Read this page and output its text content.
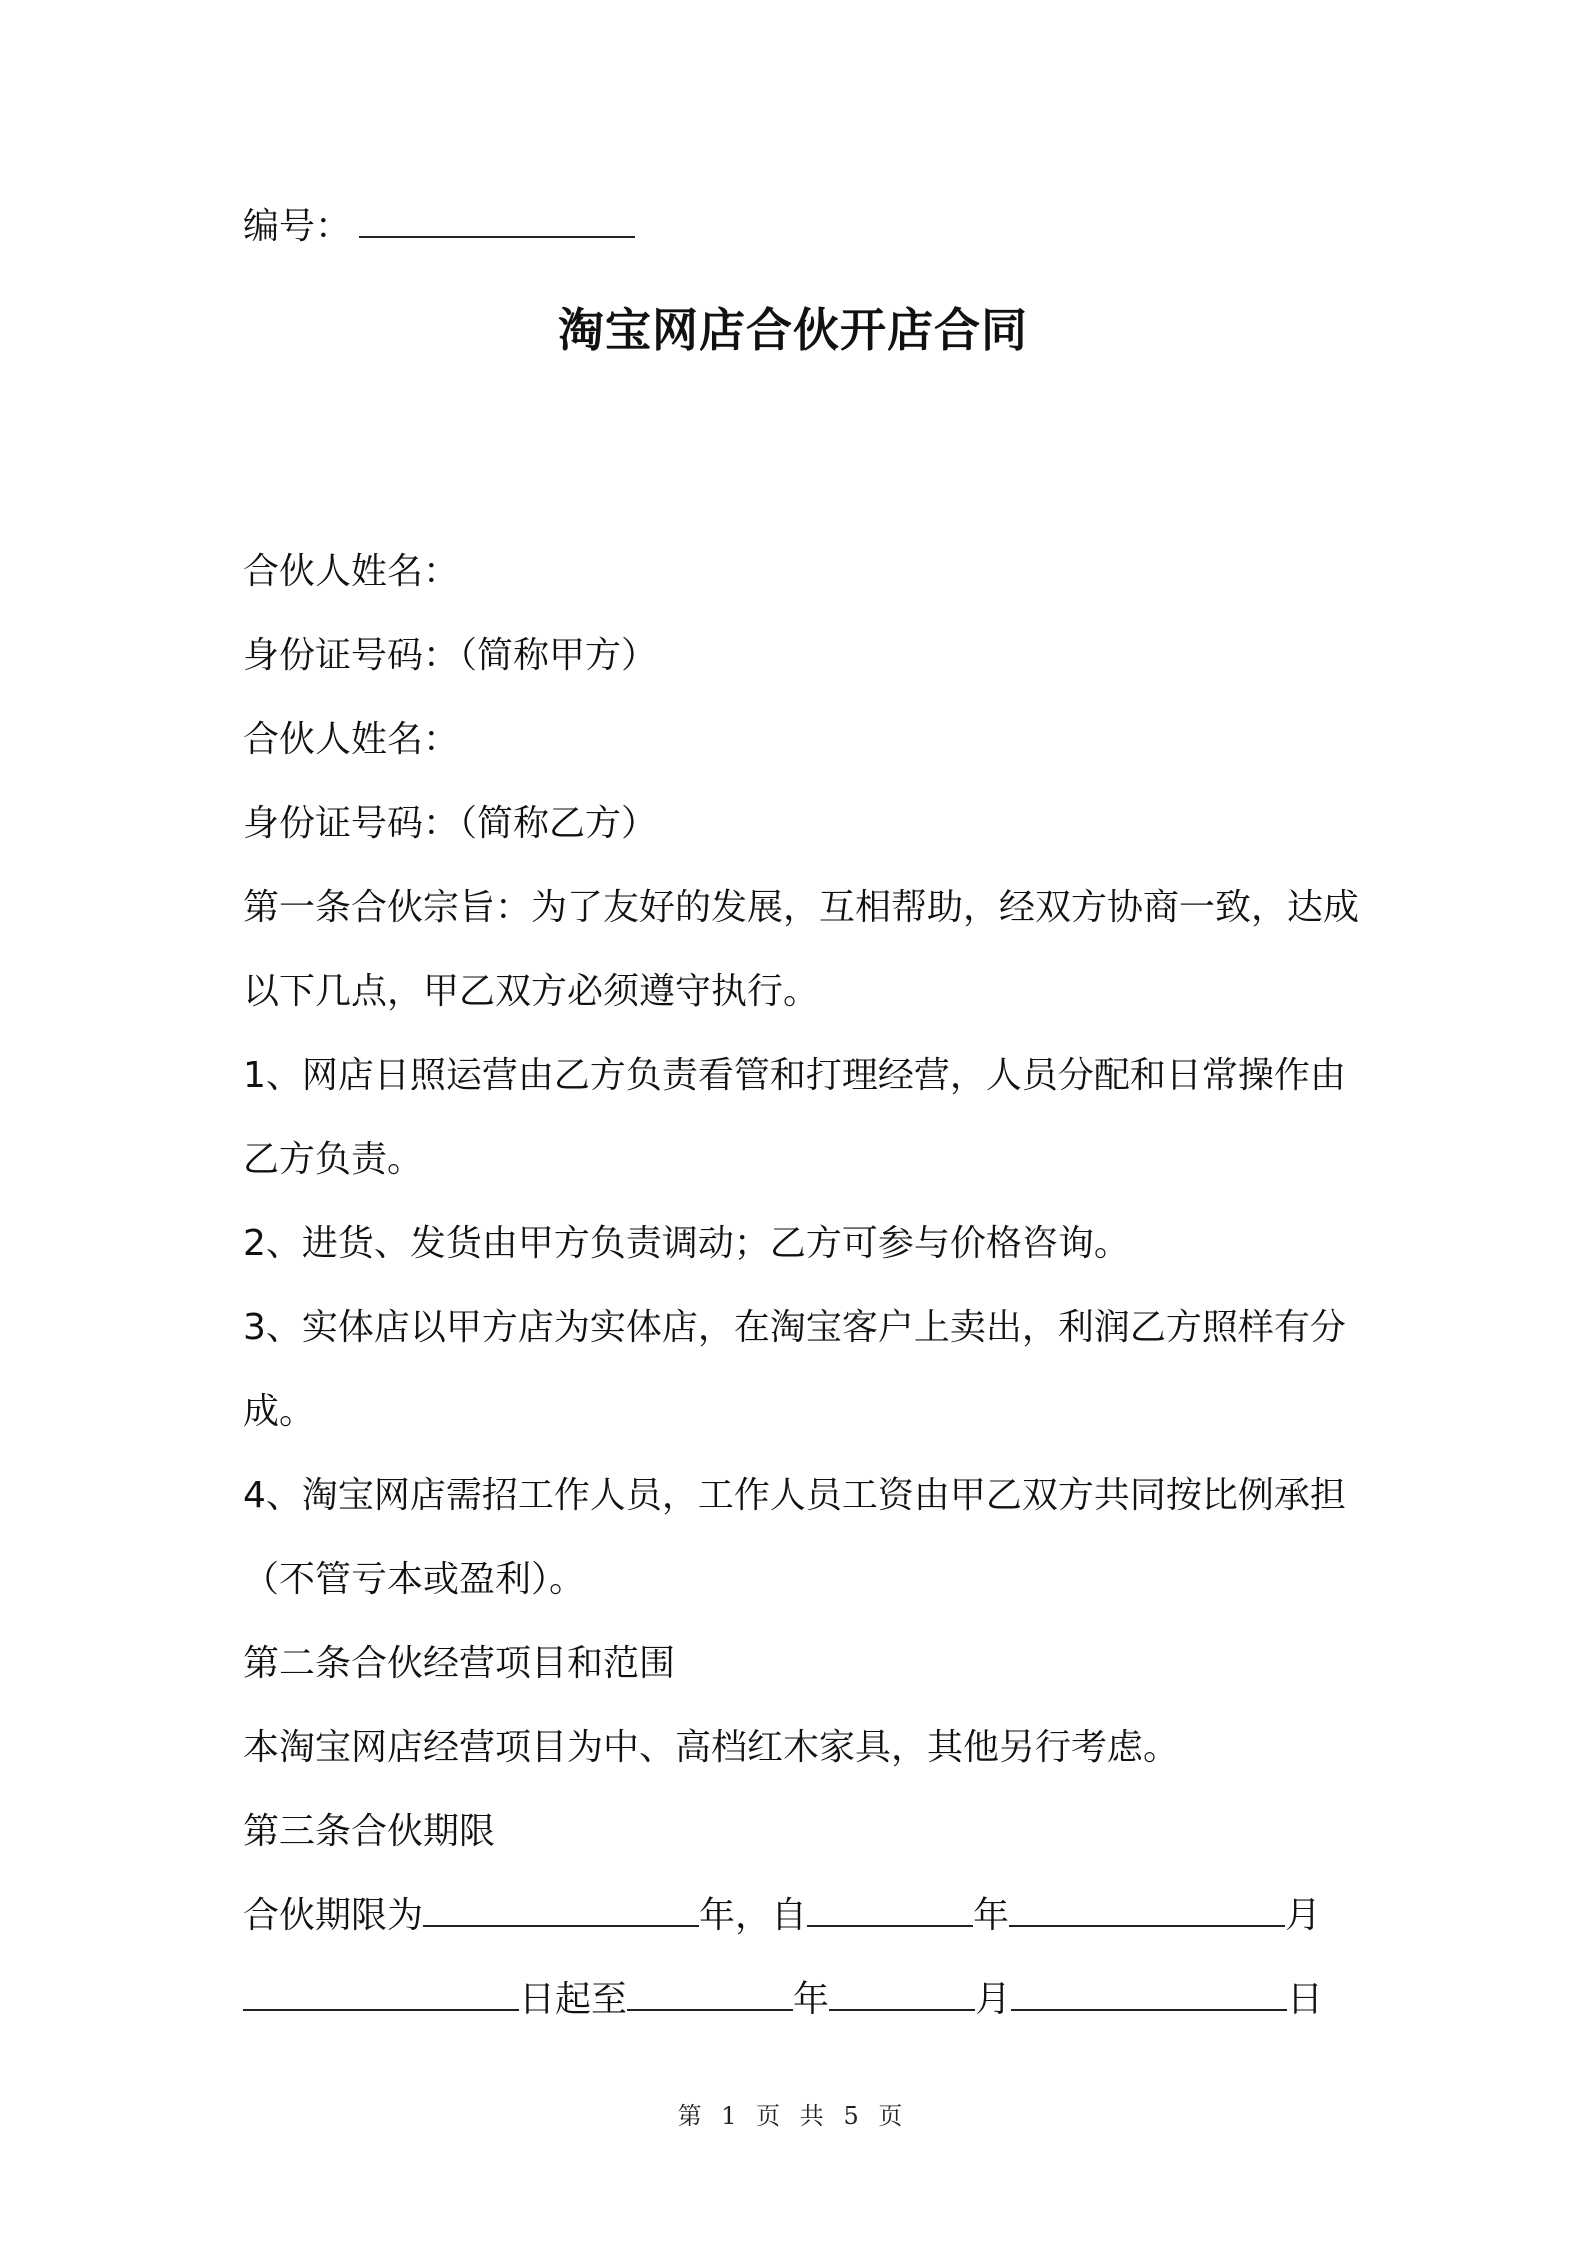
编号：
淘宝网店合伙开店合同

合伙人姓名：

身份证号码：（简称甲方）

合伙人姓名：

身份证号码：（简称乙方）

第一条合伙宗旨：为了友好的发展，互相帮助，经双方协商一致，达成以下几点，甲乙双方必须遵守执行。

1、网店日照运营由乙方负责看管和打理经营，人员分配和日常操作由乙方负责。

2、进货、发货由甲方负责调动；乙方可参与价格咨询。

3、实体店以甲方店为实体店，在淘宝客户上卖出，利润乙方照样有分成。

4、淘宝网店需招工作人员，工作人员工资由甲乙双方共同按比例承担（不管亏本或盈利）。

第二条合伙经营项目和范围

本淘宝网店经营项目为中、高档红木家具，其他另行考虑。

第三条合伙期限

合伙期限为	年，自	年	月

日起至	年	月	日

第 1 页 共 5 页
